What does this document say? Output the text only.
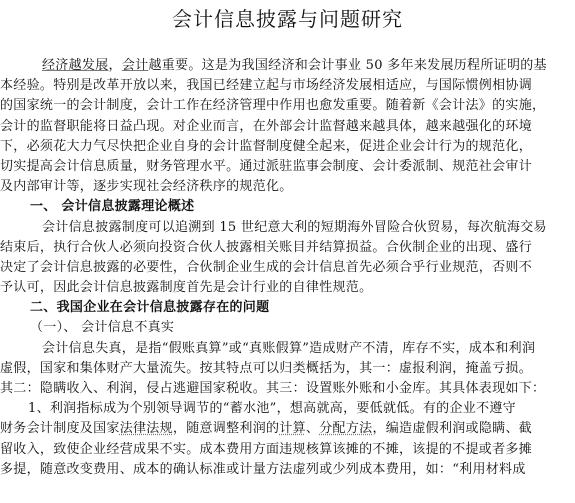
会计信息披露与问题研究
经济越发展，会计越重要。这是为我国经济和会计事业 50 多年来发展历程所证明的基
本经验。特别是改革开放以来，我国已经建立起与市场经济发展相适应，与国际惯例相协调
的国家统一的会计制度，会计工作在经济管理中作用也愈发重要。随着新《会计法》的实施，
会计的监督职能将日益凸现。对企业而言，在外部会计监督越来越具体，越来越强化的环境
下，必须花大力气尽快把企业自身的会计监督制度健全起来，促进企业会计行为的规范化，
切实提高会计信息质量，财务管理水平。通过派驻监事会制度、会计委派制、规范社会审计
及内部审计等，逐步实现社会经济秩序的规范化。
一、 会计信息披露理论概述
会计信息披露制度可以追溯到 15 世纪意大利的短期海外冒险合伙贸易，每次航海交易
结束后，执行合伙人必须向投资合伙人披露相关账目并结算损益。合伙制企业的出现、盛行
决定了会计信息披露的必要性，合伙制企业生成的会计信息首先必须合乎行业规范，否则不
予认可，因此会计信息披露制度首先是会计行业的自律性规范。
二、我国企业在会计信息披露存在的问题
（一）、 会计信息不真实
会计信息失真，是指“假账真算”或“真账假算”造成财产不清，库存不实，成本和利润
虚假，国家和集体财产大量流失。按其特点可以归类概括为，其一：虚报利润，掩盖亏损。
其二：隐瞒收入、利润，侵占逃避国家税收。其三：设置账外账和小金库。其具体表现如下：
1、利润指标成为个别领导调节的“蓄水池”，想高就高，要低就低。有的企业不遵守
财务会计制度及国家法律法规，随意调整利润的计算、分配方法，编造虚假利润或隐瞒、截
留收入，致使企业经营成果不实。成本费用方面违规核算该摊的不摊，该提的不提或者多摊
多提，随意改变费用、成本的确认标准或计量方法虚列或少列成本费用，如：“利用材料成
